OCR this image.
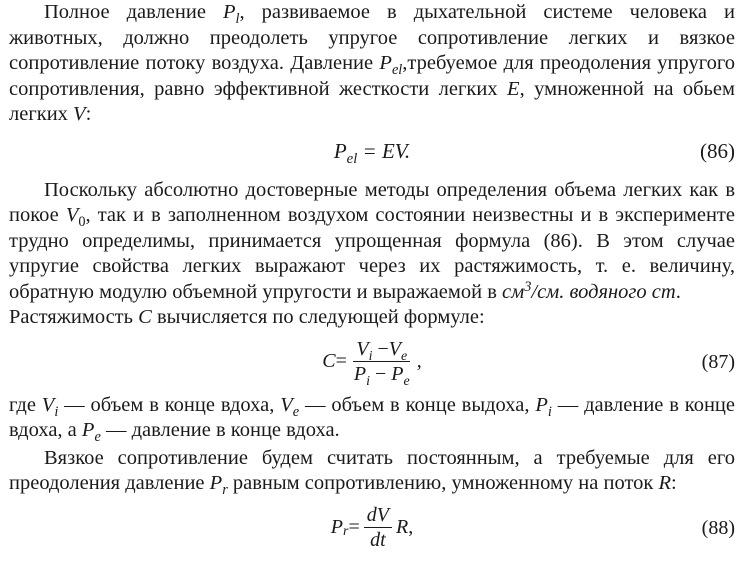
Полное давление $P_l$, развиваемое в дыхательной системе человека и животных, должно преодолеть упругое сопротивление легких и вязкое сопротивление потоку воздуха. Давление $P_{el},требуемое$ для преодоления упругого сопротивления, равно эффективной жесткости легких E, умноженной на обьем легких V:

$P_{el}$ = EV.	(86)

Поскольку абсолютно достоверные методы определения объема легких как в покое $V_0$, так и в заполненном воздухом состоянии неизвестны и в эксперименте трудно определимы, принимается упрощенная формула (86). В этом случае упругие свойства легких выражают через их растяжимость, т. е. величину, обратную модулю объемной упругости и выражаемой в $см^3/см$. водяного ст.
Растяжимость C вычисляется по следующей формуле:

$C = \frac{V_i -V_e}{P_i - P_e}$ ,	(87)

где $V_i$ — объем в конце вдоха, $V_e$ — объем в конце выдоха, $P_i$ — давление в конце вдоха, а $P_e$ — давление в конце вдоха.

Вязкое сопротивление будем считать постоянным, а требуемые для его преодоления давление $P_r$ равным сопротивлению, умноженному на поток R:

$P_r = \frac{dV}{dt}$ R ,	(88)
